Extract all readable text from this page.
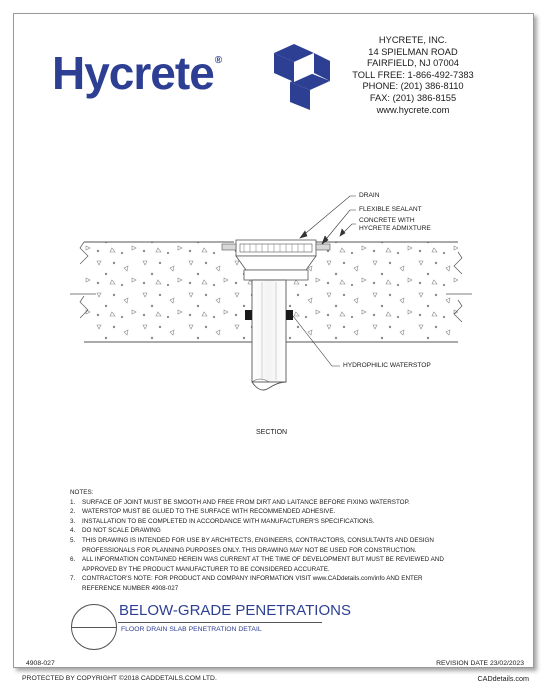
Hycrete®
HYCRETE, INC.
14 SPIELMAN ROAD
FAIRFIELD, NJ 07004
TOLL FREE: 1-866-492-7383
PHONE: (201) 386-8110
FAX: (201) 386-8155
www.hycrete.com
DRAIN
FLEXIBLE SEALANT
CONCRETE WITH
HYCRETE ADMIXTURE
HYDROPHILIC WATERSTOP
SECTION
NOTES:
1. SURFACE OF JOINT MUST BE SMOOTH AND FREE FROM DIRT AND LAITANCE BEFORE FIXING WATERSTOP.
2. WATERSTOP MUST BE GLUED TO THE SURFACE WITH RECOMMENDED ADHESIVE.
3. INSTALLATION TO BE COMPLETED IN ACCORDANCE WITH MANUFACTURER'S SPECIFICATIONS.
4. DO NOT SCALE DRAWING
5. THIS DRAWING IS INTENDED FOR USE BY ARCHITECTS, ENGINEERS, CONTRACTORS, CONSULTANTS AND DESIGN
PROFESSIONALS FOR PLANNING PURPOSES ONLY. THIS DRAWING MAY NOT BE USED FOR CONSTRUCTION.
6. ALL INFORMATION CONTAINED HEREIN WAS CURRENT AT THE TIME OF DEVELOPMENT BUT MUST BE REVIEWED AND
APPROVED BY THE PRODUCT MANUFACTURER TO BE CONSIDERED ACCURATE.
7. CONTRACTOR'S NOTE: FOR PRODUCT AND COMPANY INFORMATION VISIT www.CADdetails.com/info AND ENTER
REFERENCE NUMBER 4908-027
BELOW-GRADE PENETRATIONS
FLOOR DRAIN SLAB PENETRATION DETAIL
4908-027	REVISION DATE 23/02/2023
PROTECTED BY COPYRIGHT ©2018 CADDETAILS.COM LTD.	CADdetails.com
